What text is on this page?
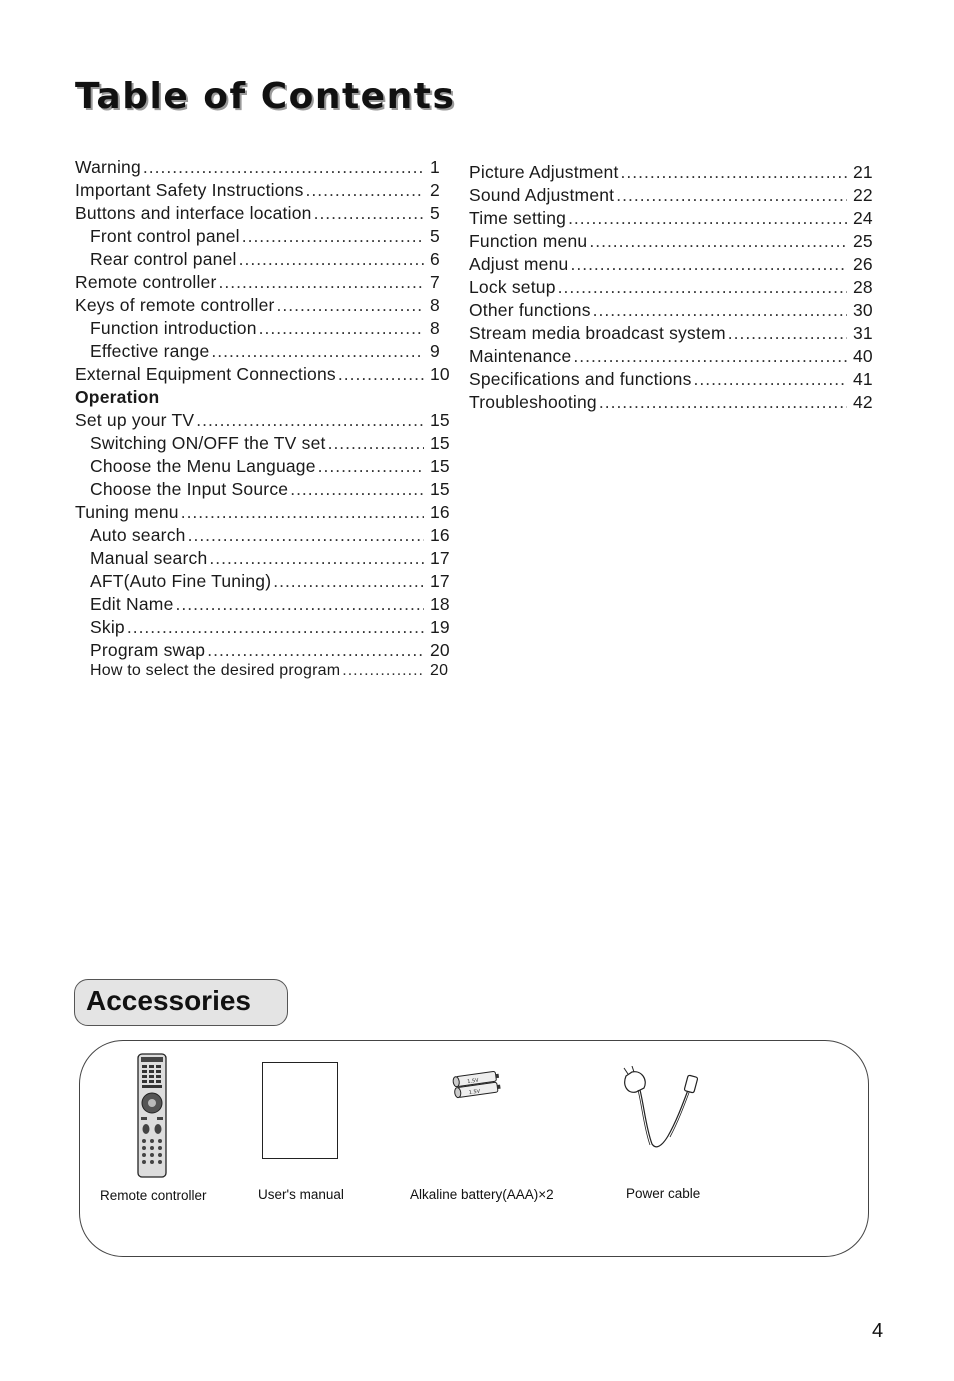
Table of Contents
Warning .....	1
Important Safety Instructions .....	2
Buttons and interface location .....	5
Front control panel .....	5
Rear control panel .....	6
Remote controller .....	7
Keys of remote controller .....	8
Function introduction .....	8
Effective range .....	9
External Equipment Connections .....	10
Operation
Set up your TV .....	15
Switching ON/OFF the TV set .....	15
Choose the Menu Language .....	15
Choose the Input Source .....	15
Tuning menu .....	16
Auto search .....	16
Manual search .....	17
AFT(Auto Fine Tuning) .....	17
Edit Name .....	18
Skip .....	19
Program swap .....	20
How to select the desired program .....	20
Picture Adjustment .....	21
Sound Adjustment .....	22
Time setting .....	24
Function menu .....	25
Adjust menu .....	26
Lock setup .....	28
Other functions .....	30
Stream media broadcast system .....	31
Maintenance .....	40
Specifications and functions .....	41
Troubleshooting .....	42
Accessories
Remote controller	User's manual
1.5V
1.5V
Alkaline battery(AAA)×2	Power cable
4
